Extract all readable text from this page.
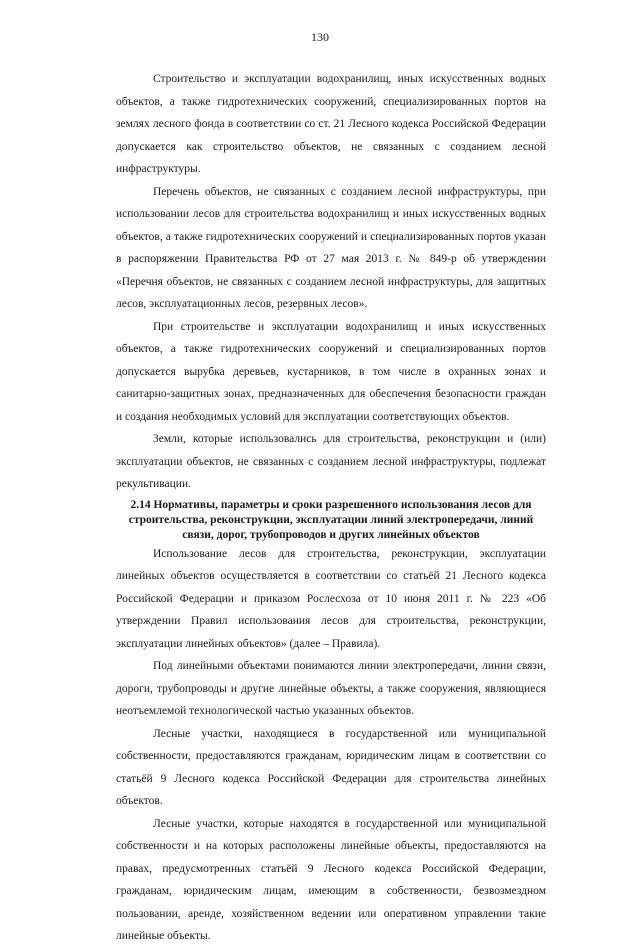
130

Строительство и эксплуатации водохранилищ, иных искусственных водных объектов, а также гидротехнических сооружений, специализированных портов на землях лесного фонда в соответствии со ст. 21 Лесного кодекса Российской Федерации допускается как строительство объектов, не связанных с созданием лесной инфраструктуры.

Перечень объектов, не связанных с созданием лесной инфраструктуры, при использовании лесов для строительства водохранилищ и иных искусственных водных объектов, а также гидротехнических сооружений и специализированных портов указан в распоряжении Правительства РФ от 27 мая 2013 г. № 849-р об утверждении «Перечня объектов, не связанных с созданием лесной инфраструктуры, для защитных лесов, эксплуатационных лесов, резервных лесов».

При строительстве и эксплуатации водохранилищ и иных искусственных объектов, а также гидротехнических сооружений и специализированных портов допускается вырубка деревьев, кустарников, в том числе в охранных зонах и санитарно-защитных зонах, предназначенных для обеспечения безопасности граждан и создания необходимых условий для эксплуатации соответствующих объектов.

Земли, которые использовались для строительства, реконструкции и (или) эксплуатации объектов, не связанных с созданием лесной инфраструктуры, подлежат рекультивации.

2.14 Нормативы, параметры и сроки разрешенного использования лесов для строительства, реконструкции, эксплуатации линий электропередачи, линий связи, дорог, трубопроводов и других линейных объектов

Использование лесов для строительства, реконструкции, эксплуатации линейных объектов осуществляется в соответствии со статьёй 21 Лесного кодекса Российской Федерации и приказом Рослесхоза от 10 июня 2011 г. № 223 «Об утверждении Правил использования лесов для строительства, реконструкции, эксплуатации линейных объектов» (далее – Правила).

Под линейными объектами понимаются линии электропередачи, линии связи, дороги, трубопроводы и другие линейные объекты, а также сооружения, являющиеся неотъемлемой технологической частью указанных объектов.

Лесные участки, находящиеся в государственной или муниципальной собственности, предоставляются гражданам, юридическим лицам в соответствии со статьёй 9 Лесного кодекса Российской Федерации для строительства линейных объектов.

Лесные участки, которые находятся в государственной или муниципальной собственности и на которых расположены линейные объекты, предоставляются на правах, предусмотренных статьёй 9 Лесного кодекса Российской Федерации, гражданам, юридическим лицам, имеющим в собственности, безвозмездном пользовании, аренде, хозяйственном ведении или оперативном управлении такие линейные объекты.
